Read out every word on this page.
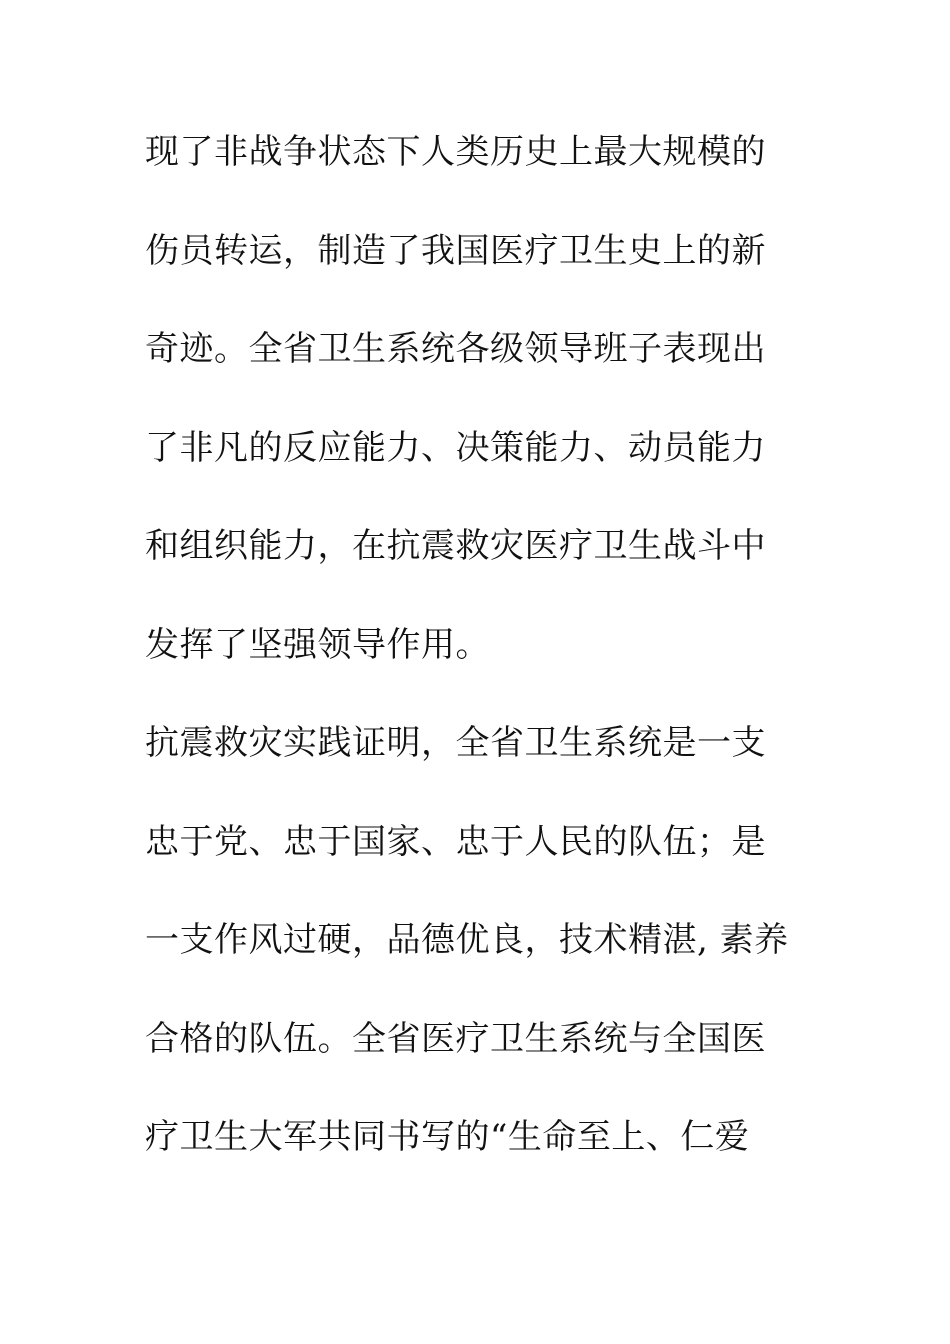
现了非战争状态下人类历史上最大规模的
伤员转运，制造了我国医疗卫生史上的新
奇迹。全省卫生系统各级领导班子表现出
了非凡的反应能力、决策能力、动员能力
和组织能力，在抗震救灾医疗卫生战斗中
发挥了坚强领导作用。
抗震救灾实践证明，全省卫生系统是一支
忠于党、忠于国家、忠于人民的队伍；是
一支作风过硬，品德优良，技术精湛, 素养
合格的队伍。全省医疗卫生系统与全国医
疗卫生大军共同书写的“生命至上、仁爱
